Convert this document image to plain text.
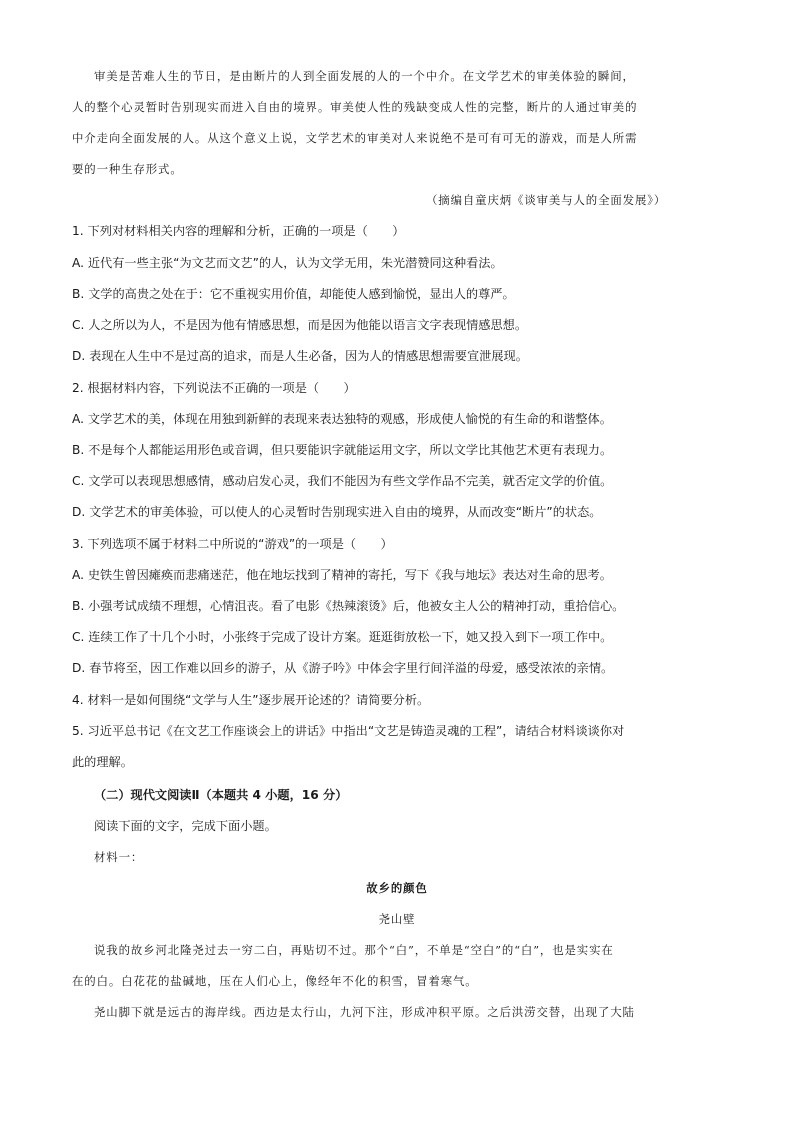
审美是苦难人生的节日，是由断片的人到全面发展的人的一个中介。在文学艺术的审美体验的瞬间，
人的整个心灵暂时告别现实而进入自由的境界。审美使人性的残缺变成人性的完整，断片的人通过审美的
中介走向全面发展的人。从这个意义上说，文学艺术的审美对人来说绝不是可有可无的游戏，而是人所需
要的一种生存形式。
（摘编自童庆炳《谈审美与人的全面发展》）
1. 下列对材料相关内容的理解和分析，正确的一项是（　　）
A. 近代有一些主张“为文艺而文艺”的人，认为文学无用，朱光潜赞同这种看法。
B. 文学的高贵之处在于：它不重视实用价值，却能使人感到愉悦，显出人的尊严。
C. 人之所以为人，不是因为他有情感思想，而是因为他能以语言文字表现情感思想。
D. 表现在人生中不是过高的追求，而是人生必备，因为人的情感思想需要宣泄展现。
2. 根据材料内容，下列说法不正确的一项是（　　）
A. 文学艺术的美，体现在用独到新鲜的表现来表达独特的观感，形成使人愉悦的有生命的和谐整体。
B. 不是每个人都能运用形色或音调，但只要能识字就能运用文字，所以文学比其他艺术更有表现力。
C. 文学可以表现思想感情，感动启发心灵，我们不能因为有些文学作品不完美，就否定文学的价值。
D. 文学艺术的审美体验，可以使人的心灵暂时告别现实进入自由的境界，从而改变“断片”的状态。
3. 下列选项不属于材料二中所说的“游戏”的一项是（　　）
A. 史铁生曾因瘫痪而悲痛迷茫，他在地坛找到了精神的寄托，写下《我与地坛》表达对生命的思考。
B. 小强考试成绩不理想，心情沮丧。看了电影《热辣滚烫》后，他被女主人公的精神打动，重拾信心。
C. 连续工作了十几个小时，小张终于完成了设计方案。逛逛街放松一下，她又投入到下一项工作中。
D. 春节将至，因工作难以回乡的游子，从《游子吟》中体会字里行间洋溢的母爱，感受浓浓的亲情。
4. 材料一是如何围绕“文学与人生”逐步展开论述的？请简要分析。
5. 习近平总书记《在文艺工作座谈会上的讲话》中指出“文艺是铸造灵魂的工程”，请结合材料谈谈你对
此的理解。
（二）现代文阅读Ⅱ（本题共 4 小题，16 分）
阅读下面的文字，完成下面小题。
材料一：
故乡的颜色
尧山壁
说我的故乡河北隆尧过去一穷二白，再贴切不过。那个“白”，不单是“空白”的“白”，也是实实在
在的白。白花花的盐碱地，压在人们心上，像经年不化的积雪，冒着寒气。
尧山脚下就是远古的海岸线。西边是太行山，九河下注，形成冲积平原。之后洪涝交替，出现了大陆
